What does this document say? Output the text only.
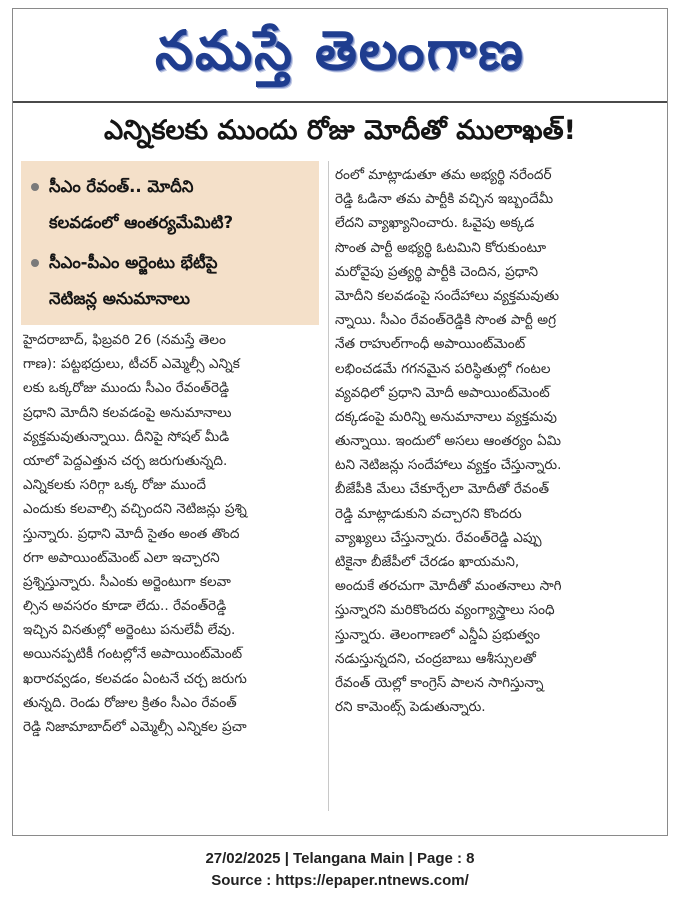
నమస్తే తెలంగాణ
ఎన్నికలకు ముందు రోజు మోదీతో ములాఖత్!
సీఎం రేవంత్.. మోదీని
కలవడంలో ఆంతర్యమేమిటి?
సీఎం-పీఎం అర్జెంటు భేటీపై
నెటిజన్ల అనుమానాలు
హైదరాబాద్, ఫిబ్రవరి 26 (నమస్తే తెలం
గాణ): పట్టభద్రులు, టీచర్ ఎమ్మెల్సీ ఎన్నిక
లకు ఒక్కరోజు ముందు సీఎం రేవంత్‌రెడ్డి
ప్రధాని మోదీని కలవడంపై అనుమానాలు
వ్యక్తమవుతున్నాయి. దీనిపై సోషల్ మీడి
యాలో పెద్దఎత్తున చర్చ జరుగుతున్నది.
ఎన్నికలకు సరిగ్గా ఒక్క రోజు ముందే
ఎందుకు కలవాల్సి వచ్చిందని నెటిజన్లు ప్రశ్ని
స్తున్నారు. ప్రధాని మోదీ సైతం అంత తొంద
రగా అపాయింట్‌మెంట్ ఎలా ఇచ్చారని
ప్రశ్నిస్తున్నారు. సీఎంకు అర్జెంటుగా కలవా
ల్సిన అవసరం కూడా లేదు.. రేవంత్‌రెడ్డి
ఇచ్చిన వినతుల్లో అర్జెంటు పనులేవీ లేవు.
అయినప్పటికీ గంటల్లోనే అపాయింట్‌మెంట్
ఖరారవ్వడం, కలవడం ఏంటనే చర్చ జరుగు
తున్నది. రెండు రోజుల క్రితం సీఎం రేవంత్
రెడ్డి నిజామాబాద్‌లో ఎమ్మెల్సీ ఎన్నికల ప్రచా
రంలో మాట్లాడుతూ తమ అభ్యర్థి నరేందర్
రెడ్డి ఓడినా తమ పార్టీకి వచ్చిన ఇబ్బందేమీ
లేదని వ్యాఖ్యానించారు. ఓవైపు అక్కడ
సొంత పార్టీ అభ్యర్థి ఓటమిని కోరుకుంటూ
మరోవైపు ప్రత్యర్థి పార్టీకి చెందిన, ప్రధాని
మోదీని కలవడంపై సందేహాలు వ్యక్తమవుతు
న్నాయి. సీఎం రేవంత్‌రెడ్డికి సొంత పార్టీ అగ్ర
నేత రాహుల్‌గాంధీ అపాయింట్‌మెంట్
లభించడమే గగనమైన పరిస్థితుల్లో గంటల
వ్యవధిలో ప్రధాని మోదీ అపాయింట్‌మెంట్
దక్కడంపై మరిన్ని అనుమానాలు వ్యక్తమవు
తున్నాయి. ఇందులో అసలు ఆంతర్యం ఏమి
టని నెటిజన్లు సందేహాలు వ్యక్తం చేస్తున్నారు.
బీజేపీకి మేలు చేకూర్చేలా మోదీతో రేవంత్
రెడ్డి మాట్లాడుకుని వచ్చారని కొందరు
వ్యాఖ్యలు చేస్తున్నారు. రేవంత్‌రెడ్డి ఎప్పు
టికైనా బీజేపీలో చేరడం ఖాయమని,
అందుకే తరచుగా మోదీతో మంతనాలు సాగి
స్తున్నారని మరికొందరు వ్యంగ్యాస్త్రాలు సంధి
స్తున్నారు. తెలంగాణలో ఎన్డీఏ ప్రభుత్వం
నడుస్తున్నదని, చంద్రబాబు ఆశీస్సులతో
రేవంత్ యెల్లో కాంగ్రెస్ పాలన సాగిస్తున్నా
రని కామెంట్స్ పెడుతున్నారు.
27/02/2025 | Telangana Main | Page : 8
Source : https://epaper.ntnews.com/
